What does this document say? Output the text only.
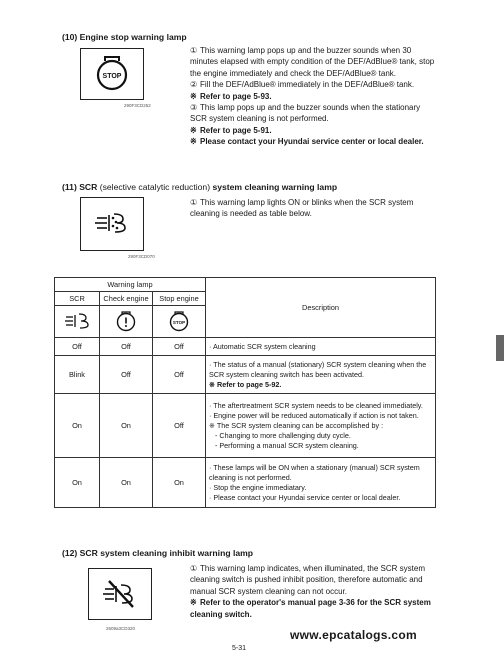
(10) Engine stop warning lamp
STOP
290F3CD252

① This warning lamp pops up and the buzzer sounds when 30 minutes elapsed with empty condition of the DEF/AdBlue® tank, stop the engine immediately and check the DEF/AdBlue® tank.

② Fill the DEF/AdBlue® immediately in the DEF/AdBlue® tank.

※ Refer to page 5-93.

③ This lamp pops up and the buzzer sounds when the stationary SCR system cleaning is not performed.

※ Refer to page 5-91.

※ Please contact your Hyundai service center or local dealer.

(11) SCR (selective catalytic reduction) system cleaning warning lamp
290F3CD070

① This warning lamp lights ON or blinks when the SCR system cleaning is needed as table below.

Warning lamp			Description
SCR	Check engine	Stop engine	

STOP	

Off	Off	Off	· Automatic SCR system cleaning

Blink	Off	Off	· The status of a manual (stationary) SCR system cleaning when the SCR system cleaning switch has been activated.
※ Refer to page 5-92.

On	On	Off	· The aftertreatment SCR system needs to be cleaned immediately.
· Engine power will be reduced automatically if action is not taken.
※ The SCR system cleaning can be accomplished by :
- Changing to more challenging duty cycle.
- Performing a manual SCR system cleaning.

On	On	On	· These lamps will be ON when a stationary (manual) SCR system cleaning is not performed.
· Stop the engine immediatary.
· Please contact your Hyundai service center or local dealer.
(12) SCR system cleaning inhibit warning lamp
2609a3CD320

① This warning lamp indicates, when illuminated, the SCR system cleaning switch is pushed inhibit position, therefore automatic and manual SCR system cleaning can not occur.

※ Refer to the operator's manual page 3-36 for the SCR system cleaning switch.

www.epcatalogs.com
5-31
